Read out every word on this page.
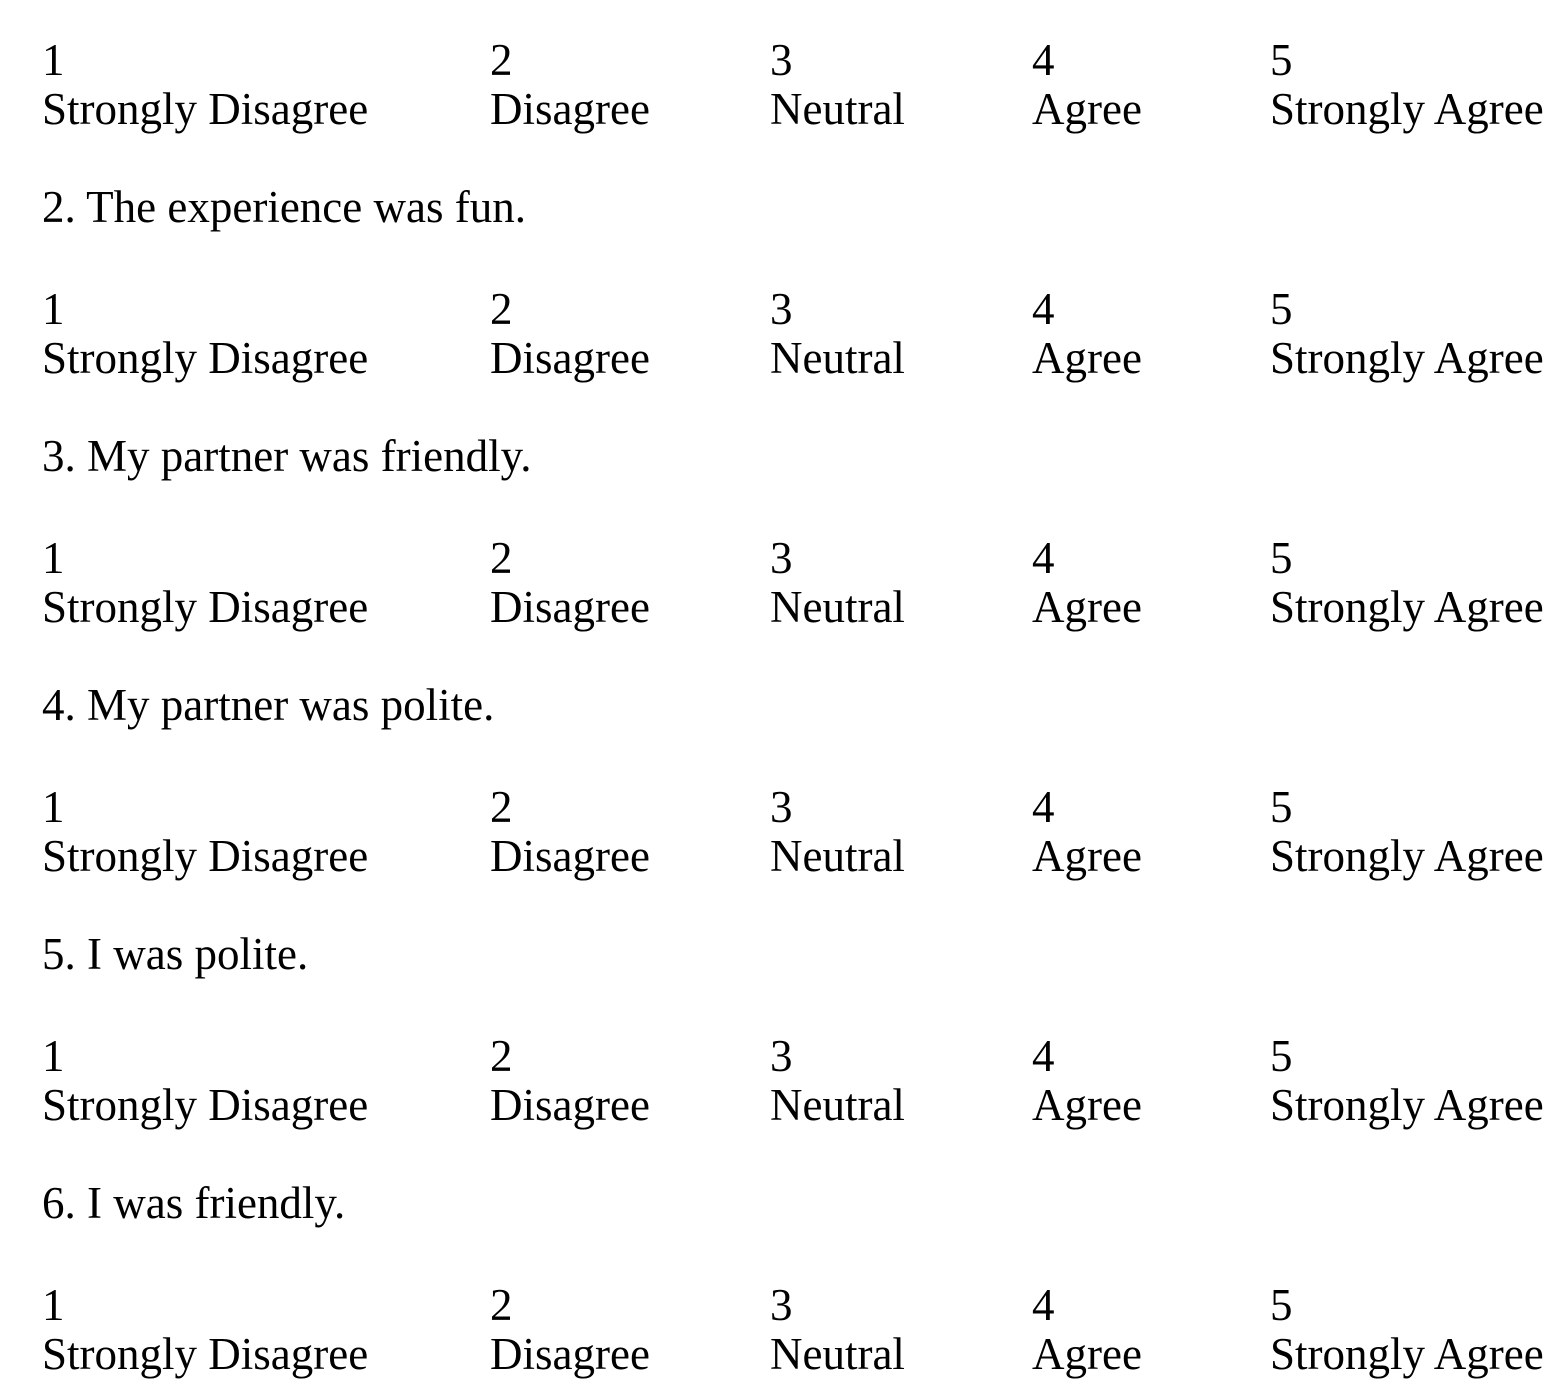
1
Strongly Disagree
2
Disagree
3
Neutral
4
Agree
5
Strongly Agree
2. The experience was fun.
1
Strongly Disagree
2
Disagree
3
Neutral
4
Agree
5
Strongly Agree
3. My partner was friendly.
1
Strongly Disagree
2
Disagree
3
Neutral
4
Agree
5
Strongly Agree
4. My partner was polite.
1
Strongly Disagree
2
Disagree
3
Neutral
4
Agree
5
Strongly Agree
5. I was polite.
1
Strongly Disagree
2
Disagree
3
Neutral
4
Agree
5
Strongly Agree
6. I was friendly.
1
Strongly Disagree
2
Disagree
3
Neutral
4
Agree
5
Strongly Agree
